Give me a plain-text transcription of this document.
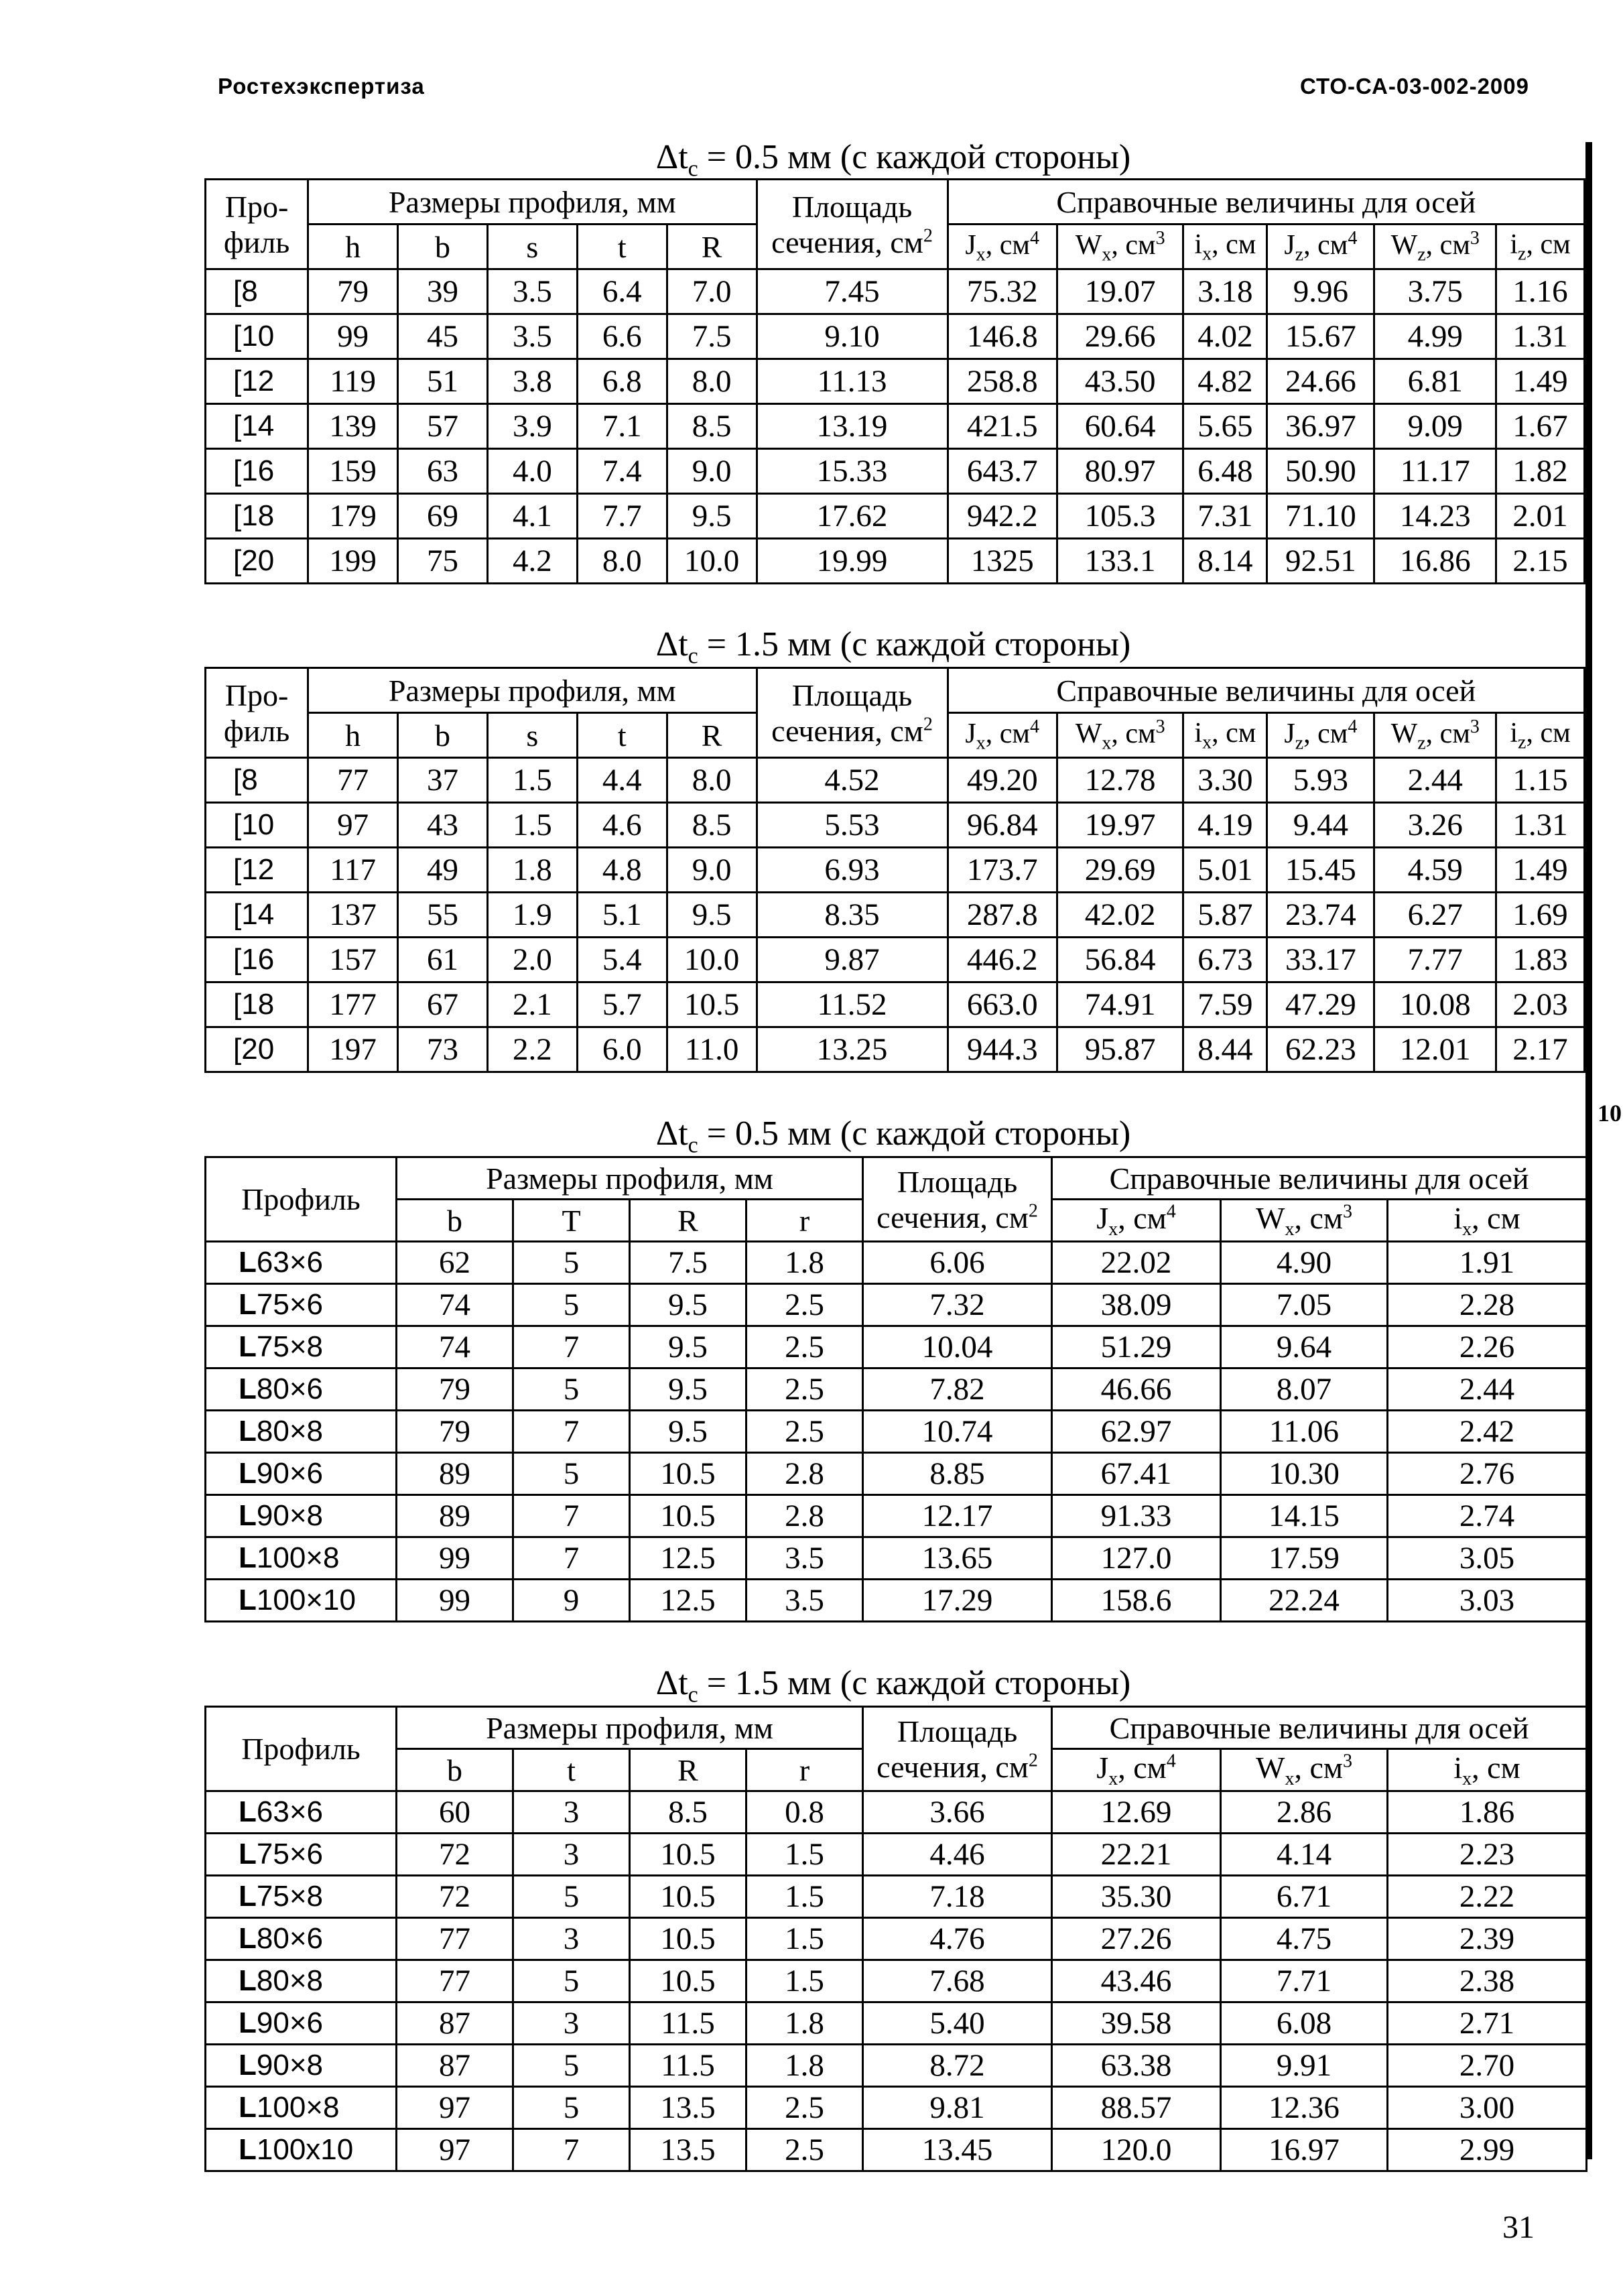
Ростехэкспертиза	СТО-СА-03-002-2009
10
$\Delta t_c = 0.5$ мм (с каждой стороны)
$\Delta t_c = 1.5$ мм (с каждой стороны)
$\Delta t_c = 0.5$ мм (с каждой стороны)
$\Delta t_c = 1.5$ мм (с каждой стороны)
Про-
филь	Размеры профиля, мм					Площадь
сечения, $см^2$	Справочные величины для осей					
	h	b	s	t	R		$J_x$, $см^4$	$W_x$, $см^3$	$i_x$, см	$J_z$, $см^4$	$W_z$, $см^3$	$i_z$, см
[8	79	39	3.5	6.4	7.0	7.45	75.32	19.07	3.18	9.96	3.75	1.16
[10	99	45	3.5	6.6	7.5	9.10	146.8	29.66	4.02	15.67	4.99	1.31
[12	119	51	3.8	6.8	8.0	11.13	258.8	43.50	4.82	24.66	6.81	1.49
[14	139	57	3.9	7.1	8.5	13.19	421.5	60.64	5.65	36.97	9.09	1.67
[16	159	63	4.0	7.4	9.0	15.33	643.7	80.97	6.48	50.90	11.17	1.82
[18	179	69	4.1	7.7	9.5	17.62	942.2	105.3	7.31	71.10	14.23	2.01
[20	199	75	4.2	8.0	10.0	19.99	1325	133.1	8.14	92.51	16.86	2.15
Про-
филь	Размеры профиля, мм					Площадь
сечения, $см^2$	Справочные величины для осей					
	h	b	s	t	R		$J_x$, $см^4$	$W_x$, $см^3$	$i_x$, см	$J_z$, $см^4$	$W_z$, $см^3$	$i_z$, см
[8	77	37	1.5	4.4	8.0	4.52	49.20	12.78	3.30	5.93	2.44	1.15
[10	97	43	1.5	4.6	8.5	5.53	96.84	19.97	4.19	9.44	3.26	1.31
[12	117	49	1.8	4.8	9.0	6.93	173.7	29.69	5.01	15.45	4.59	1.49
[14	137	55	1.9	5.1	9.5	8.35	287.8	42.02	5.87	23.74	6.27	1.69
[16	157	61	2.0	5.4	10.0	9.87	446.2	56.84	6.73	33.17	7.77	1.83
[18	177	67	2.1	5.7	10.5	11.52	663.0	74.91	7.59	47.29	10.08	2.03
[20	197	73	2.2	6.0	11.0	13.25	944.3	95.87	8.44	62.23	12.01	2.17
Профиль	Размеры профиля, мм				Площадь
сечения, $см^2$	Справочные величины для осей		
	b	T	R	r		$J_x$, $см^4$	$W_x$, $см^3$	$i_x$, см
L63×6	62	5	7.5	1.8	6.06	22.02	4.90	1.91
L75×6	74	5	9.5	2.5	7.32	38.09	7.05	2.28
L75×8	74	7	9.5	2.5	10.04	51.29	9.64	2.26
L80×6	79	5	9.5	2.5	7.82	46.66	8.07	2.44
L80×8	79	7	9.5	2.5	10.74	62.97	11.06	2.42
L90×6	89	5	10.5	2.8	8.85	67.41	10.30	2.76
L90×8	89	7	10.5	2.8	12.17	91.33	14.15	2.74
L100×8	99	7	12.5	3.5	13.65	127.0	17.59	3.05
L100×10	99	9	12.5	3.5	17.29	158.6	22.24	3.03
Профиль	Размеры профиля, мм				Площадь
сечения, $см^2$	Справочные величины для осей		
	b	t	R	r		$J_x$, $см^4$	$W_x$, $см^3$	$i_x$, см
L63×6	60	3	8.5	0.8	3.66	12.69	2.86	1.86
L75×6	72	3	10.5	1.5	4.46	22.21	4.14	2.23
L75×8	72	5	10.5	1.5	7.18	35.30	6.71	2.22
L80×6	77	3	10.5	1.5	4.76	27.26	4.75	2.39
L80×8	77	5	10.5	1.5	7.68	43.46	7.71	2.38
L90×6	87	3	11.5	1.8	5.40	39.58	6.08	2.71
L90×8	87	5	11.5	1.8	8.72	63.38	9.91	2.70
L100×8	97	5	13.5	2.5	9.81	88.57	12.36	3.00
L100x10	97	7	13.5	2.5	13.45	120.0	16.97	2.99
31
